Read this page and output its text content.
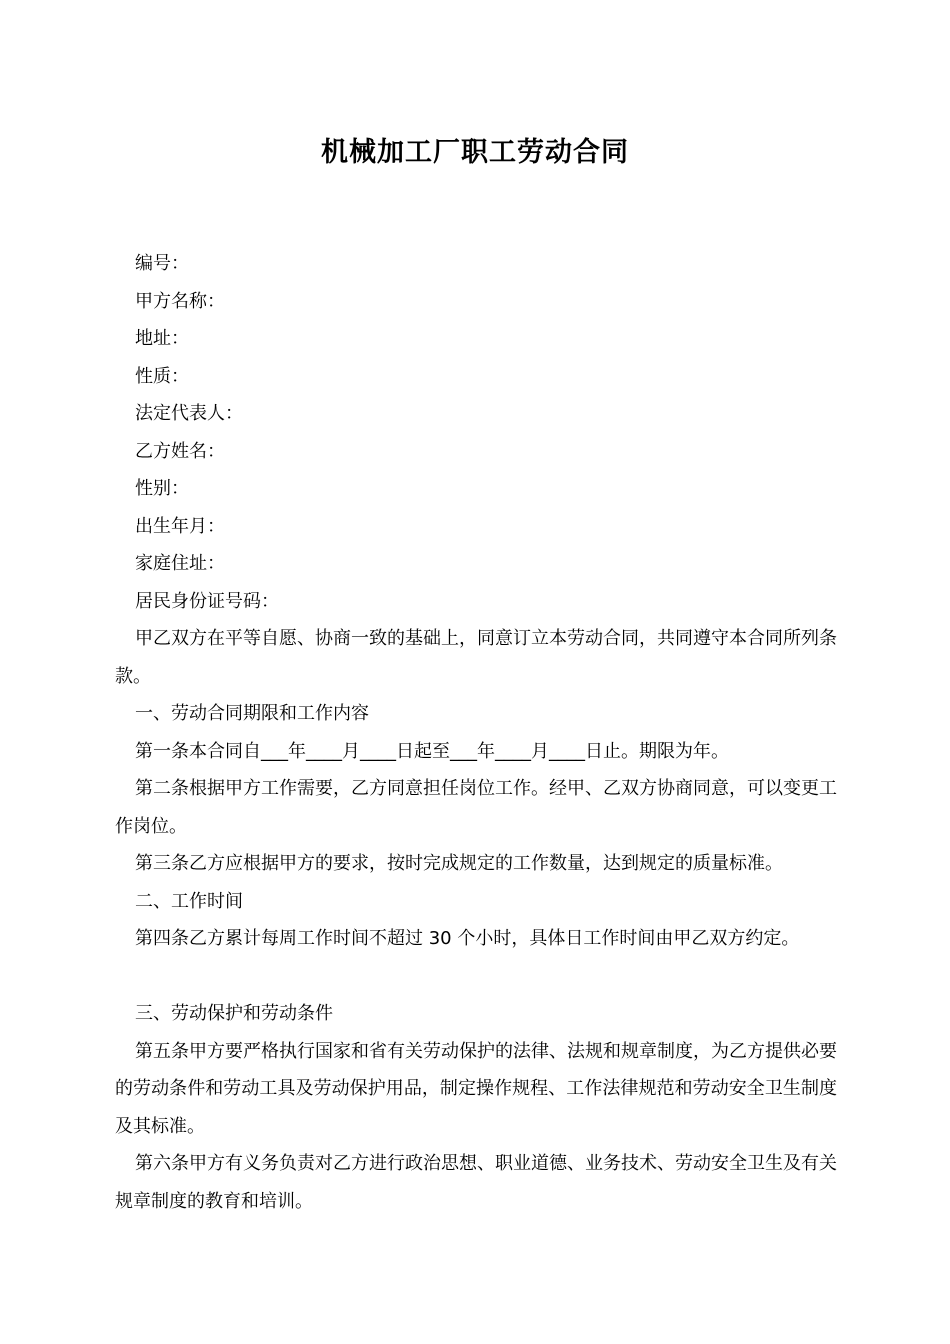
机械加工厂职工劳动合同

编号：

甲方名称：

地址：

性质：

法定代表人：

乙方姓名：

性别：

出生年月：

家庭住址：

居民身份证号码：

甲乙双方在平等自愿、协商一致的基础上，同意订立本劳动合同，共同遵守本合同所列条款。

一、劳动合同期限和工作内容

第一条本合同自___年____月____日起至___年____月____日止。期限为年。

第二条根据甲方工作需要，乙方同意担任岗位工作。经甲、乙双方协商同意，可以变更工作岗位。

第三条乙方应根据甲方的要求，按时完成规定的工作数量，达到规定的质量标准。

二、工作时间

第四条乙方累计每周工作时间不超过 30 个小时，具体日工作时间由甲乙双方约定。

三、劳动保护和劳动条件

第五条甲方要严格执行国家和省有关劳动保护的法律、法规和规章制度，为乙方提供必要的劳动条件和劳动工具及劳动保护用品，制定操作规程、工作法律规范和劳动安全卫生制度及其标准。

第六条甲方有义务负责对乙方进行政治思想、职业道德、业务技术、劳动安全卫生及有关规章制度的教育和培训。
